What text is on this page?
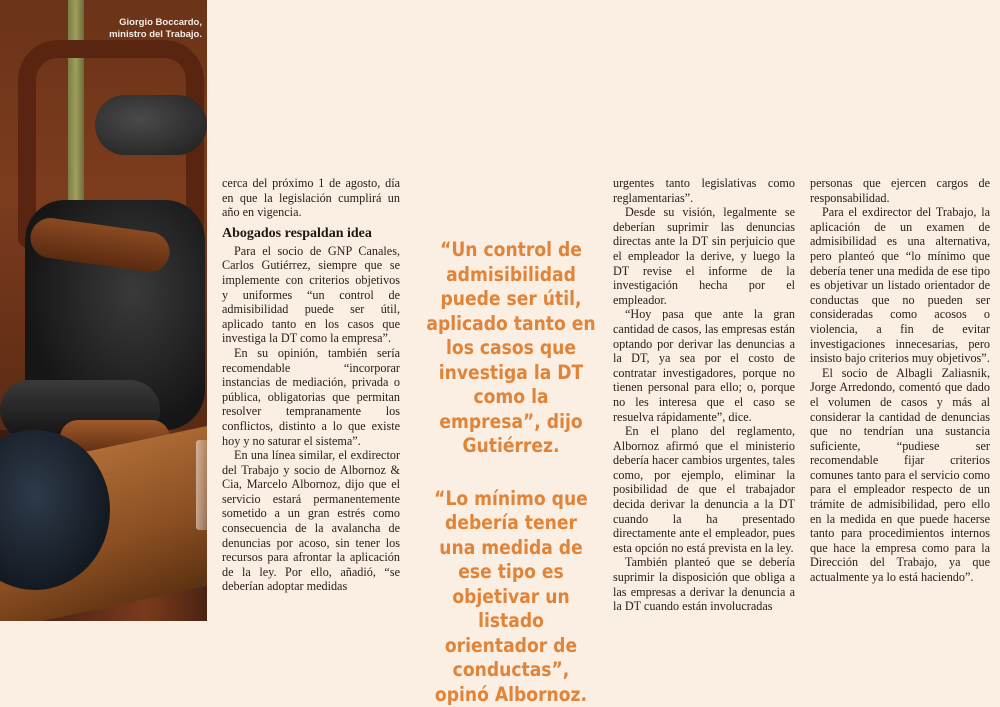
Giorgio Boccardo,
ministro del Trabajo.
ATON

cerca del próximo 1 de agosto, día en que la legislación cumplirá un año en vigencia.

Abogados respaldan idea

Para el socio de GNP Canales, Carlos Gutiérrez, siempre que se implemente con criterios objetivos y uniformes “un control de admisibilidad puede ser útil, aplicado tanto en los casos que investiga la DT como la empresa”.

En su opinión, también sería recomendable “incorporar instancias de mediación, privada o pública, obligatorias que permitan resolver tempranamente los conflictos, distinto a lo que existe hoy y no saturar el sistema”.

En una línea similar, el exdirector del Trabajo y socio de Albornoz & Cia, Marcelo Albornoz, dijo que el servicio estará permanentemente sometido a un gran estrés como consecuencia de la avalancha de denuncias por acoso, sin tener los recursos para afrontar la aplicación de la ley. Por ello, añadió, “se deberían adoptar medidas

“Un control de admisibilidad puede ser útil, aplicado tanto en los casos que investiga la DT como la empresa”, dijo Gutiérrez.

“Lo mínimo que debería tener una medida de ese tipo es objetivar un listado orientador de conductas”, opinó Albornoz.

urgentes tanto legislativas como reglamentarias”.

Desde su visión, legalmente se deberían suprimir las denuncias directas ante la DT sin perjuicio que el empleador la derive, y luego la DT revise el informe de la investigación hecha por el empleador.

“Hoy pasa que ante la gran cantidad de casos, las empresas están optando por derivar las denuncias a la DT, ya sea por el costo de contratar investigadores, porque no tienen personal para ello; o, porque no les interesa que el caso se resuelva rápidamente”, dice.

En el plano del reglamento, Albornoz afirmó que el ministerio debería hacer cambios urgentes, tales como, por ejemplo, eliminar la posibilidad de que el trabajador decida derivar la denuncia a la DT cuando la ha presentado directamente ante el empleador, pues esta opción no está prevista en la ley.

También planteó que se debería suprimir la disposición que obliga a las empresas a derivar la denuncia a la DT cuando están involucradas

personas que ejercen cargos de responsabilidad.

Para el exdirector del Trabajo, la aplicación de un examen de admisibilidad es una alternativa, pero planteó que “lo mínimo que debería tener una medida de ese tipo es objetivar un listado orientador de conductas que no pueden ser consideradas como acosos o violencia, a fin de evitar investigaciones innecesarias, pero insisto bajo criterios muy objetivos”.

El socio de Albagli Zaliasnik, Jorge Arredondo, comentó que dado el volumen de casos y más al considerar la cantidad de denuncias que no tendrían una sustancia suficiente, “pudiese ser recomendable fijar criterios comunes tanto para el servicio como para el empleador respecto de un trámite de admisibilidad, pero ello en la medida en que puede hacerse tanto para procedimientos internos que hace la empresa como para la Dirección del Trabajo, ya que actualmente ya lo está haciendo”.
